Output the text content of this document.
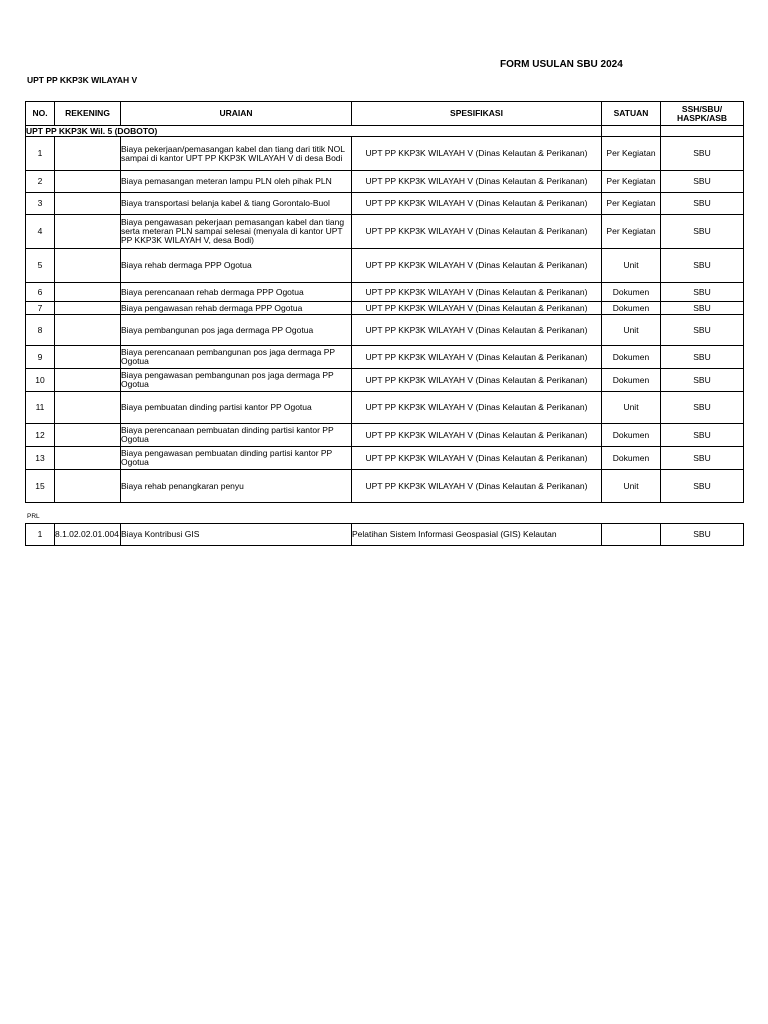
FORM USULAN SBU 2024
UPT PP KKP3K WILAYAH V
NO.	REKENING	URAIAN	SPESIFIKASI	SATUAN	SSH/SBU/
HASPK/ASB
UPT PP KKP3K Wil. 5 (DOBOTO)					
1		Biaya pekerjaan/pemasangan kabel dan tiang dari titik NOL sampai di kantor UPT PP KKP3K WILAYAH V di desa Bodi	UPT PP KKP3K WILAYAH V (Dinas Kelautan & Perikanan)	Per Kegiatan	SBU
2		Biaya pemasangan meteran lampu PLN oleh pihak PLN	UPT PP KKP3K WILAYAH V (Dinas Kelautan & Perikanan)	Per Kegiatan	SBU
3		Biaya transportasi belanja kabel & tiang Gorontalo-Buol	UPT PP KKP3K WILAYAH V (Dinas Kelautan & Perikanan)	Per Kegiatan	SBU
4		Biaya pengawasan pekerjaan pemasangan kabel dan tiang serta meteran PLN sampai selesai (menyala di kantor UPT PP KKP3K WILAYAH V, desa Bodi)	UPT PP KKP3K WILAYAH V (Dinas Kelautan & Perikanan)	Per Kegiatan	SBU
5		Biaya rehab dermaga PPP Ogotua	UPT PP KKP3K WILAYAH V (Dinas Kelautan & Perikanan)	Unit	SBU
6		Biaya perencanaan rehab dermaga PPP Ogotua	UPT PP KKP3K WILAYAH V (Dinas Kelautan & Perikanan)	Dokumen	SBU
7		Biaya pengawasan rehab dermaga PPP Ogotua	UPT PP KKP3K WILAYAH V (Dinas Kelautan & Perikanan)	Dokumen	SBU
8		Biaya pembangunan pos jaga dermaga PP Ogotua	UPT PP KKP3K WILAYAH V (Dinas Kelautan & Perikanan)	Unit	SBU
9		Biaya perencanaan pembangunan pos jaga dermaga PP Ogotua	UPT PP KKP3K WILAYAH V (Dinas Kelautan & Perikanan)	Dokumen	SBU
10		Biaya pengawasan pembangunan pos jaga dermaga PP Ogotua	UPT PP KKP3K WILAYAH V (Dinas Kelautan & Perikanan)	Dokumen	SBU
11		Biaya pembuatan dinding partisi kantor PP Ogotua	UPT PP KKP3K WILAYAH V (Dinas Kelautan & Perikanan)	Unit	SBU
12		Biaya perencanaan pembuatan dinding partisi kantor PP Ogotua	UPT PP KKP3K WILAYAH V (Dinas Kelautan & Perikanan)	Dokumen	SBU
13		Biaya pengawasan pembuatan dinding partisi kantor PP Ogotua	UPT PP KKP3K WILAYAH V (Dinas Kelautan & Perikanan)	Dokumen	SBU
15		Biaya rehab penangkaran penyu	UPT PP KKP3K WILAYAH V (Dinas Kelautan & Perikanan)	Unit	SBU
PRL
1	8.1.02.02.01.004	Biaya Kontribusi GIS	Pelatihan Sistem Informasi Geospasial (GIS) Kelautan		SBU
